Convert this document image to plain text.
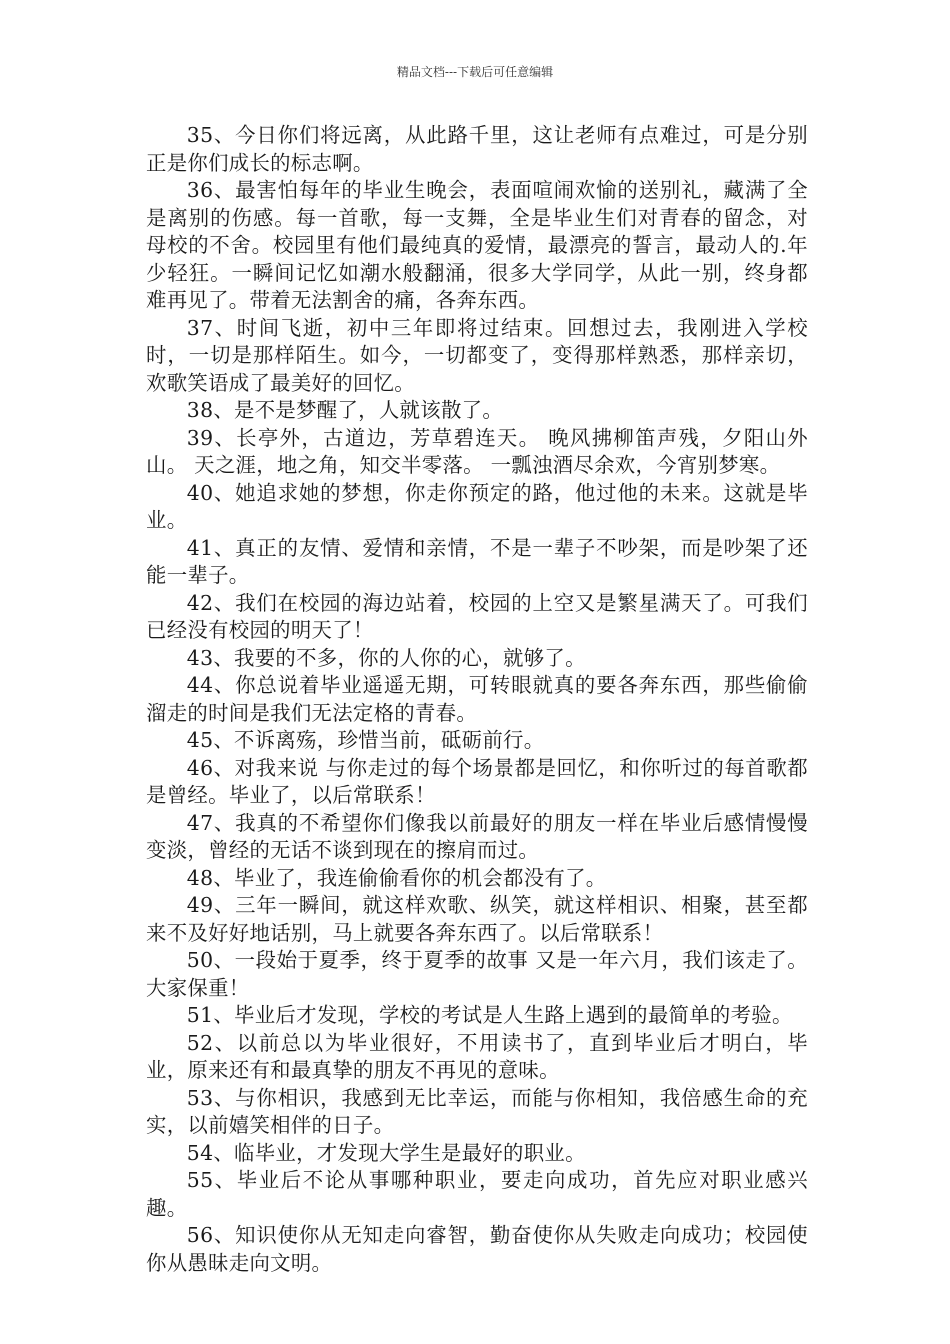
精品文档---下载后可任意编辑

35、今日你们将远离，从此路千里，这让老师有点难过，可是分别正是你们成长的标志啊。

36、最害怕每年的毕业生晚会，表面喧闹欢愉的送别礼，藏满了全是离别的伤感。每一首歌，每一支舞，全是毕业生们对青春的留念，对母校的不舍。校园里有他们最纯真的爱情，最漂亮的誓言，最动人的.年少轻狂。一瞬间记忆如潮水般翻涌，很多大学同学，从此一别，终身都难再见了。带着无法割舍的痛，各奔东西。

37、时间飞逝，初中三年即将过结束。回想过去，我刚进入学校时，一切是那样陌生。如今，一切都变了，变得那样熟悉，那样亲切，欢歌笑语成了最美好的回忆。

38、是不是梦醒了，人就该散了。

39、长亭外，古道边，芳草碧连天。 晚风拂柳笛声残，夕阳山外山。 天之涯，地之角，知交半零落。 一瓢浊酒尽余欢，今宵别梦寒。

40、她追求她的梦想，你走你预定的路，他过他的未来。这就是毕业。

41、真正的友情、爱情和亲情，不是一辈子不吵架，而是吵架了还能一辈子。

42、我们在校园的海边站着，校园的上空又是繁星满天了。可我们已经没有校园的明天了！

43、我要的不多，你的人你的心，就够了。

44、你总说着毕业遥遥无期，可转眼就真的要各奔东西，那些偷偷溜走的时间是我们无法定格的青春。

45、不诉离殇，珍惜当前，砥砺前行。

46、对我来说 与你走过的每个场景都是回忆，和你听过的每首歌都是曾经。毕业了，以后常联系！

47、我真的不希望你们像我以前最好的朋友一样在毕业后感情慢慢变淡，曾经的无话不谈到现在的擦肩而过。

48、毕业了，我连偷偷看你的机会都没有了。

49、三年一瞬间，就这样欢歌、纵笑，就这样相识、相聚，甚至都来不及好好地话别，马上就要各奔东西了。以后常联系！

50、一段始于夏季，终于夏季的故事 又是一年六月，我们该走了。大家保重！

51、毕业后才发现，学校的考试是人生路上遇到的最简单的考验。

52、以前总以为毕业很好，不用读书了，直到毕业后才明白，毕业，原来还有和最真挚的朋友不再见的意味。

53、与你相识，我感到无比幸运，而能与你相知，我倍感生命的充实，以前嬉笑相伴的日子。

54、临毕业，才发现大学生是最好的职业。

55、毕业后不论从事哪种职业，要走向成功，首先应对职业感兴趣。

56、知识使你从无知走向睿智，勤奋使你从失败走向成功；校园使你从愚昧走向文明。
